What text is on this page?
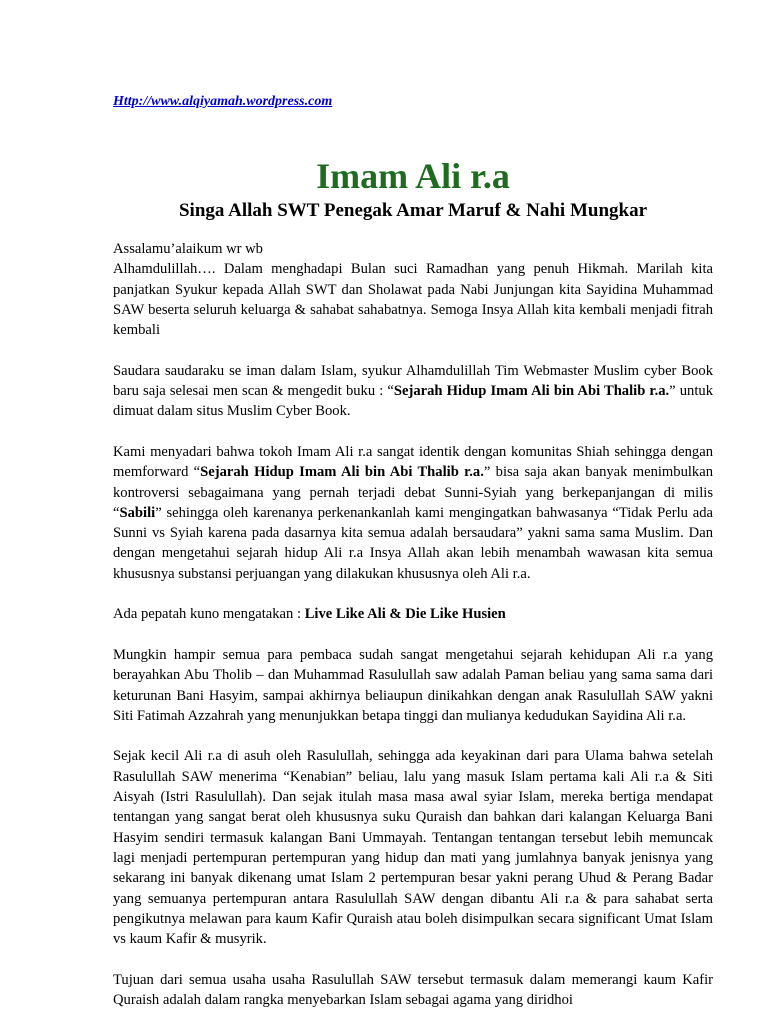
Http://www.alqiyamah.wordpress.com
Imam Ali r.a
Singa Allah SWT Penegak Amar Maruf & Nahi Mungkar

Assalamu’alaikum wr wb
Alhamdulillah…. Dalam menghadapi Bulan suci Ramadhan yang penuh Hikmah. Marilah kita panjatkan Syukur kepada Allah SWT dan Sholawat pada Nabi Junjungan kita Sayidina Muhammad SAW beserta seluruh keluarga & sahabat sahabatnya. Semoga Insya Allah kita kembali menjadi fitrah kembali

Saudara saudaraku se iman dalam Islam, syukur Alhamdulillah Tim Webmaster Muslim cyber Book baru saja selesai men scan & mengedit buku : “Sejarah Hidup Imam Ali bin Abi Thalib r.a.” untuk dimuat dalam situs Muslim Cyber Book.

Kami menyadari bahwa tokoh Imam Ali r.a sangat identik dengan komunitas Shiah sehingga dengan memforward “Sejarah Hidup Imam Ali bin Abi Thalib r.a.” bisa saja akan banyak menimbulkan kontroversi sebagaimana yang pernah terjadi debat Sunni-Syiah yang berkepanjangan di milis “Sabili” sehingga oleh karenanya perkenankanlah kami mengingatkan bahwasanya “Tidak Perlu ada Sunni vs Syiah karena pada dasarnya kita semua adalah bersaudara” yakni sama sama Muslim. Dan dengan mengetahui sejarah hidup Ali r.a Insya Allah akan lebih menambah wawasan kita semua khususnya substansi perjuangan yang dilakukan khususnya oleh Ali r.a.

Ada pepatah kuno mengatakan : Live Like Ali & Die Like Husien

Mungkin hampir semua para pembaca sudah sangat mengetahui sejarah kehidupan Ali r.a yang berayahkan Abu Tholib – dan Muhammad Rasulullah saw adalah Paman beliau yang sama sama dari keturunan Bani Hasyim, sampai akhirnya beliaupun dinikahkan dengan anak Rasulullah SAW yakni Siti Fatimah Azzahrah yang menunjukkan betapa tinggi dan mulianya kedudukan Sayidina Ali r.a.

Sejak kecil Ali r.a di asuh oleh Rasulullah, sehingga ada keyakinan dari para Ulama bahwa setelah Rasulullah SAW menerima “Kenabian” beliau, lalu yang masuk Islam pertama kali Ali r.a & Siti Aisyah (Istri Rasulullah). Dan sejak itulah masa masa awal syiar Islam, mereka bertiga mendapat tentangan yang sangat berat oleh khususnya suku Quraish dan bahkan dari kalangan Keluarga Bani Hasyim sendiri termasuk kalangan Bani Ummayah. Tentangan tentangan tersebut lebih memuncak lagi menjadi pertempuran pertempuran yang hidup dan mati yang jumlahnya banyak jenisnya yang sekarang ini banyak dikenang umat Islam 2 pertempuran besar yakni perang Uhud & Perang Badar yang semuanya pertempuran antara Rasulullah SAW dengan dibantu Ali r.a & para sahabat serta pengikutnya melawan para kaum Kafir Quraish atau boleh disimpulkan secara significant Umat Islam vs kaum Kafir & musyrik.

Tujuan dari semua usaha usaha Rasulullah SAW tersebut termasuk dalam memerangi kaum Kafir Quraish adalah dalam rangka menyebarkan Islam sebagai agama yang diridhoi
